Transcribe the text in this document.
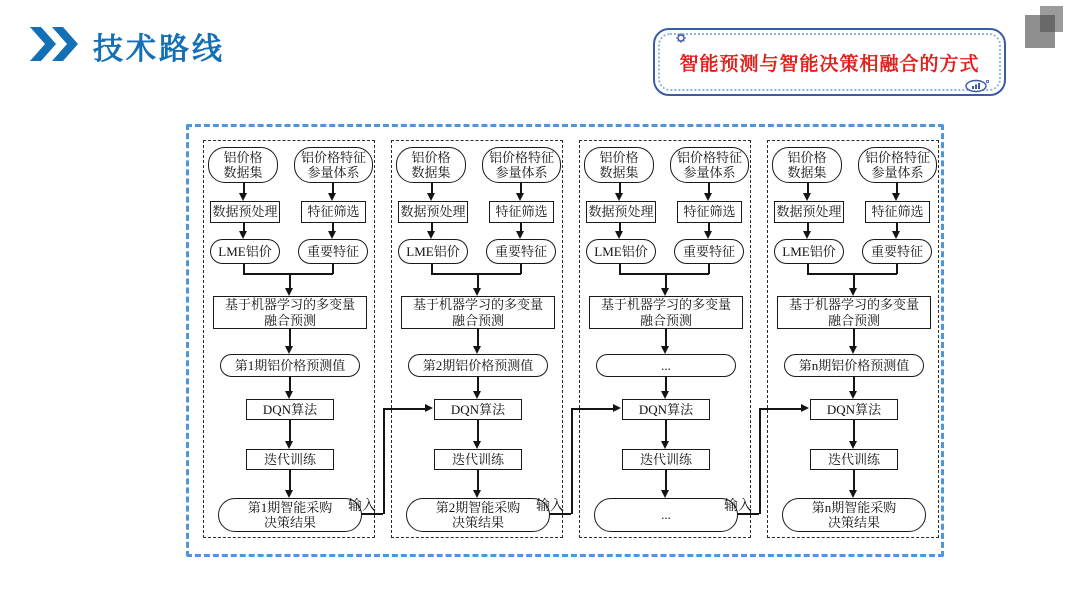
技术路线	智能预测与智能决策相融合的方式
铝价格
数据集
铝价格特征
参量体系
数据预处理	特征筛选
LME铝价	重要特征
基于机器学习的多变量
融合预测
第1期铝价格预测值
DQN算法
迭代训练
第1期智能采购
决策结果
铝价格
数据集
铝价格特征
参量体系
数据预处理	特征筛选
LME铝价	重要特征
基于机器学习的多变量
融合预测
第2期铝价格预测值
DQN算法
迭代训练
第2期智能采购
决策结果
铝价格
数据集
铝价格特征
参量体系
数据预处理	特征筛选
LME铝价	重要特征
基于机器学习的多变量
融合预测
...
DQN算法
迭代训练
...
铝价格
数据集
铝价格特征
参量体系
数据预处理	特征筛选
LME铝价	重要特征
基于机器学习的多变量
融合预测
第n期铝价格预测值
DQN算法
迭代训练
第n期智能采购
决策结果
输入	输入	输入
